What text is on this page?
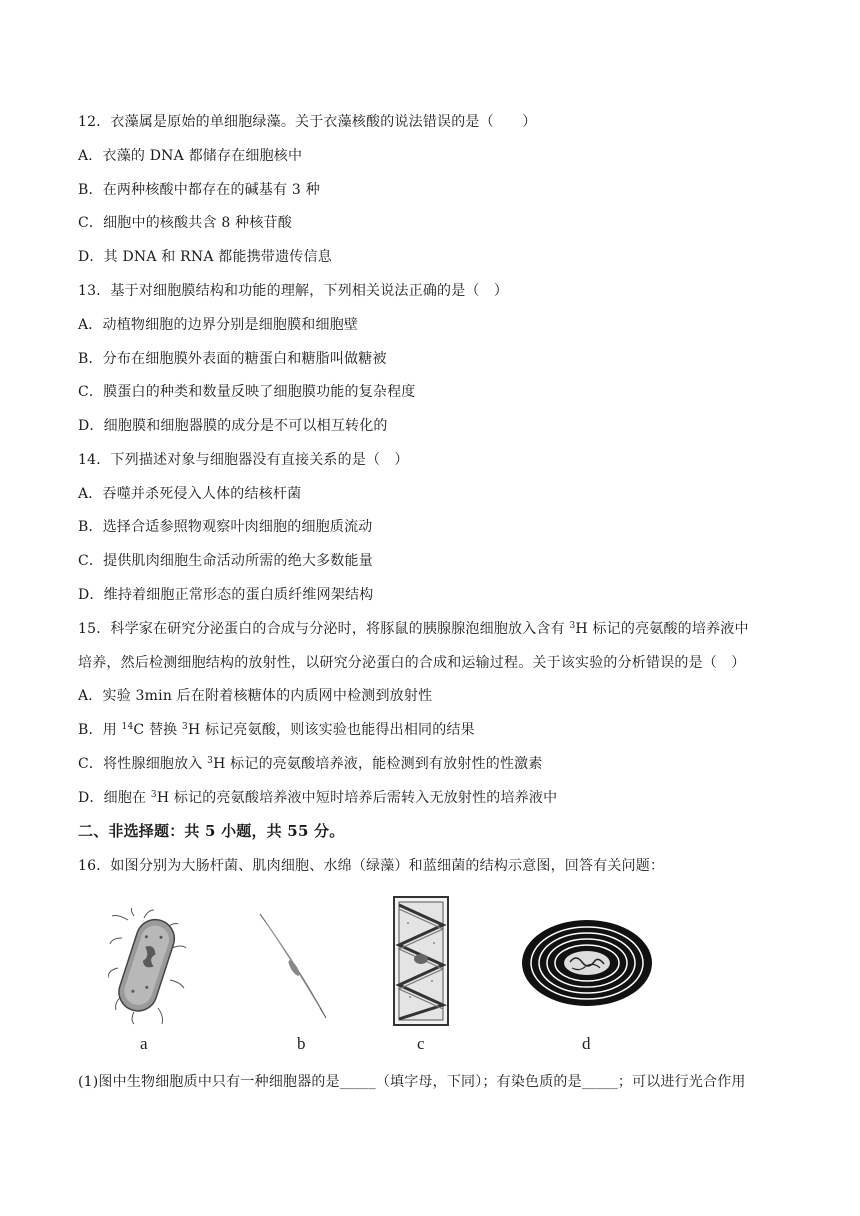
12．衣藻属是原始的单细胞绿藻。关于衣藻核酸的说法错误的是（　　）
A．衣藻的 DNA 都储存在细胞核中
B．在两种核酸中都存在的碱基有 3 种
C．细胞中的核酸共含 8 种核苷酸
D．其 DNA 和 RNA 都能携带遗传信息
13．基于对细胞膜结构和功能的理解，下列相关说法正确的是（　）
A．动植物细胞的边界分别是细胞膜和细胞壁
B．分布在细胞膜外表面的糖蛋白和糖脂叫做糖被
C．膜蛋白的种类和数量反映了细胞膜功能的复杂程度
D．细胞膜和细胞器膜的成分是不可以相互转化的
14．下列描述对象与细胞器没有直接关系的是（　）
A．吞噬并杀死侵入人体的结核杆菌
B．选择合适参照物观察叶肉细胞的细胞质流动
C．提供肌肉细胞生命活动所需的绝大多数能量
D．维持着细胞正常形态的蛋白质纤维网架结构
15．科学家在研究分泌蛋白的合成与分泌时，将豚鼠的胰腺腺泡细胞放入含有 $^3$H 标记的亮氨酸的培养液中
培养，然后检测细胞结构的放射性，以研究分泌蛋白的合成和运输过程。关于该实验的分析错误的是（　）
A．实验 3min 后在附着核糖体的内质网中检测到放射性
B．用 $^{14}$C 替换 $^3$H 标记亮氨酸，则该实验也能得出相同的结果
C．将性腺细胞放入 $^3$H 标记的亮氨酸培养液，能检测到有放射性的性激素
D．细胞在 $^3$H 标记的亮氨酸培养液中短时培养后需转入无放射性的培养液中
二、非选择题：共 5 小题，共 55 分。
16．如图分别为大肠杆菌、肌肉细胞、水绵（绿藻）和蓝细菌的结构示意图，回答有关问题：
a	b	c	d
(1)图中生物细胞质中只有一种细胞器的是_____（填字母，下同）；有染色质的是_____；可以进行光合作用
